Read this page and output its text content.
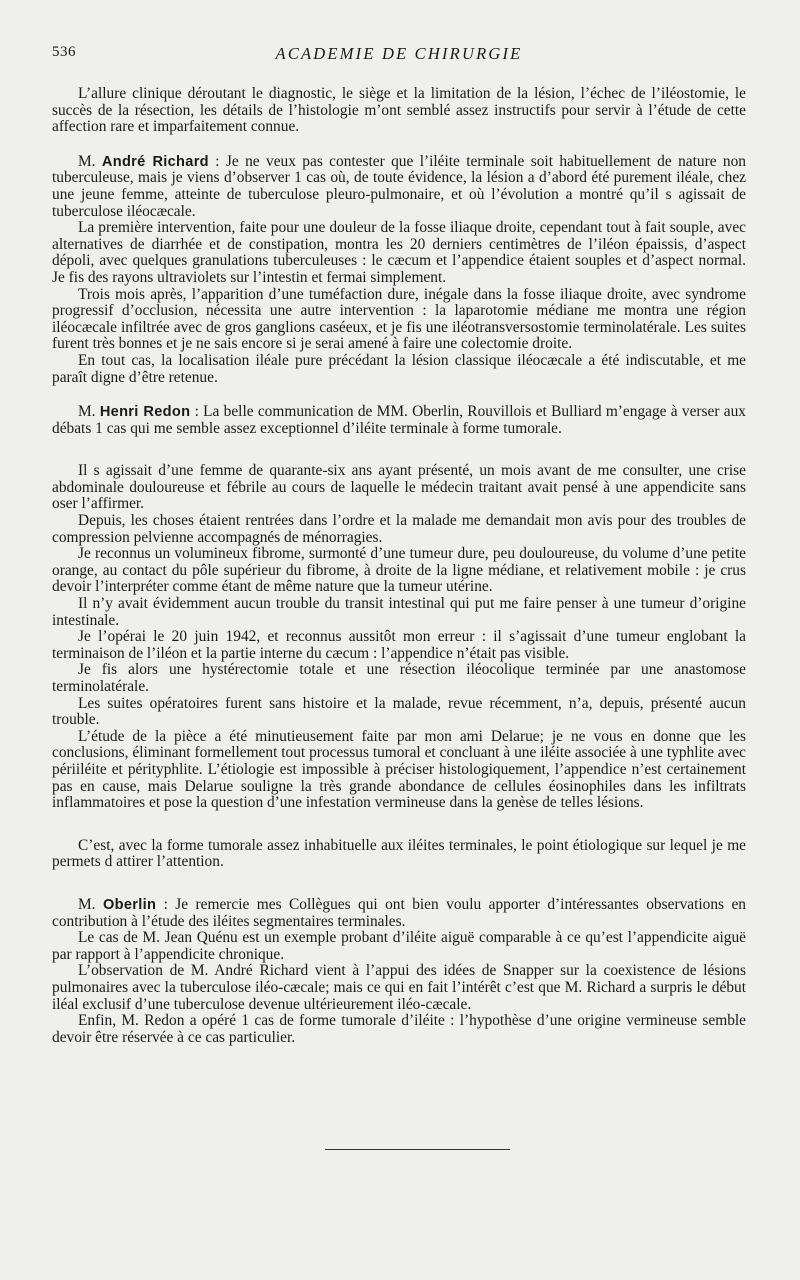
536	ACADEMIE DE CHIRURGIE

L’allure clinique déroutant le diagnostic, le siège et la limitation de la lésion, l’échec de l’iléostomie, le succès de la résection, les détails de l’histologie m’ont semblé assez instructifs pour servir à l’étude de cette affection rare et imparfaitement connue.

M. André Richard : Je ne veux pas contester que l’iléite terminale soit habituellement de nature non tuberculeuse, mais je viens d’observer 1 cas où, de toute évidence, la lésion a d’abord été purement iléale, chez une jeune femme, atteinte de tuberculose pleuro-pulmonaire, et où l’évolution a montré qu’il s agissait de tuberculose iléocæcale.

La première intervention, faite pour une douleur de la fosse iliaque droite, cependant tout à fait souple, avec alternatives de diarrhée et de constipation, montra les 20 derniers centimètres de l’iléon épaissis, d’aspect dépoli, avec quelques granulations tuberculeuses : le cæcum et l’appendice étaient souples et d’aspect normal. Je fis des rayons ultraviolets sur l’intestin et fermai simplement.

Trois mois après, l’apparition d’une tuméfaction dure, inégale dans la fosse iliaque droite, avec syndrome progressif d’occlusion, nécessita une autre intervention : la laparotomie médiane me montra une région iléocæcale infiltrée avec de gros ganglions caséeux, et je fis une iléotransversostomie terminolatérale. Les suites furent très bonnes et je ne sais encore si je serai amené à faire une colectomie droite.

En tout cas, la localisation iléale pure précédant la lésion classique iléocæcale a été indiscutable, et me paraît digne d’être retenue.

M. Henri Redon : La belle communication de MM. Oberlin, Rouvillois et Bulliard m’engage à verser aux débats 1 cas qui me semble assez exceptionnel d’iléite terminale à forme tumorale.

Il s agissait d’une femme de quarante-six ans ayant présenté, un mois avant de me consulter, une crise abdominale douloureuse et fébrile au cours de laquelle le médecin traitant avait pensé à une appendicite sans oser l’affirmer.

Depuis, les choses étaient rentrées dans l’ordre et la malade me demandait mon avis pour des troubles de compression pelvienne accompagnés de ménorragies.

Je reconnus un volumineux fibrome, surmonté d’une tumeur dure, peu douloureuse, du volume d’une petite orange, au contact du pôle supérieur du fibrome, à droite de la ligne médiane, et relativement mobile : je crus devoir l’interpréter comme étant de même nature que la tumeur utérine.

Il n’y avait évidemment aucun trouble du transit intestinal qui put me faire penser à une tumeur d’origine intestinale.

Je l’opérai le 20 juin 1942, et reconnus aussitôt mon erreur : il s’agissait d’une tumeur englobant la terminaison de l’iléon et la partie interne du cæcum : l’appendice n’était pas visible.

Je fis alors une hystérectomie totale et une résection iléocolique terminée par une anastomose terminolatérale.

Les suites opératoires furent sans histoire et la malade, revue récemment, n’a, depuis, présenté aucun trouble.

L’étude de la pièce a été minutieusement faite par mon ami Delarue; je ne vous en donne que les conclusions, éliminant formellement tout processus tumoral et concluant à une iléite associée à une typhlite avec périiléite et pérityphlite. L’étiologie est impossible à préciser histologiquement, l’appendice n’est certainement pas en cause, mais Delarue souligne la très grande abondance de cellules éosinophiles dans les infiltrats inflammatoires et pose la question d’une infestation vermineuse dans la genèse de telles lésions.

C’est, avec la forme tumorale assez inhabituelle aux iléites terminales, le point étiologique sur lequel je me permets d attirer l’attention.

M. Oberlin : Je remercie mes Collègues qui ont bien voulu apporter d’intéressantes observations en contribution à l’étude des iléites segmentaires terminales.

Le cas de M. Jean Quénu est un exemple probant d’iléite aiguë comparable à ce qu’est l’appendicite aiguë par rapport à l’appendicite chronique.

L’observation de M. André Richard vient à l’appui des idées de Snapper sur la coexistence de lésions pulmonaires avec la tuberculose iléo-cæcale; mais ce qui en fait l’intérêt c’est que M. Richard a surpris le début iléal exclusif d’une tuberculose devenue ultérieurement iléo-cæcale.

Enfin, M. Redon a opéré 1 cas de forme tumorale d’iléite : l’hypothèse d’une origine vermineuse semble devoir être réservée à ce cas particulier.
